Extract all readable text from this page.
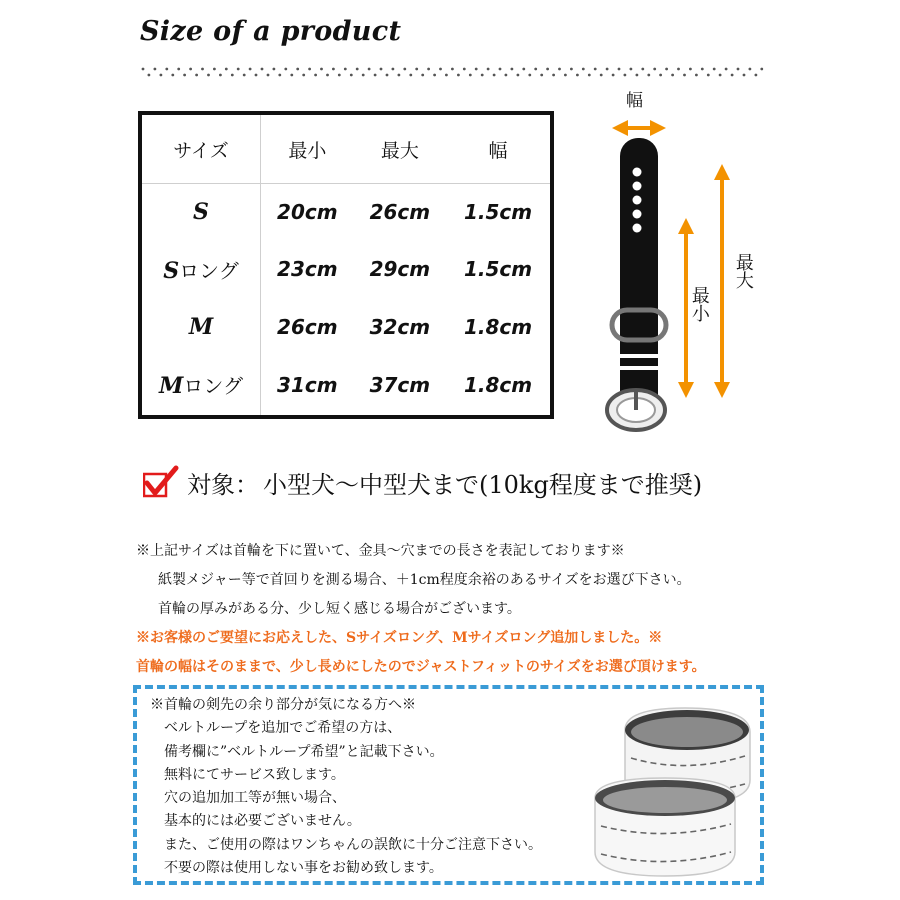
Size of a product
サイズ	最小	最大	幅
S	20cm	26cm	1.5cm
Sロング	23cm	29cm	1.5cm
M	26cm	32cm	1.8cm
Mロング	31cm	37cm	1.8cm
幅
最大
最小
対象： 小型犬～中型犬まで(10kg程度まで推奨)
※上記サイズは首輪を下に置いて、金具～穴までの長さを表記しております※
紙製メジャー等で首回りを測る場合、＋1cm程度余裕のあるサイズをお選び下さい。
首輪の厚みがある分、少し短く感じる場合がございます。
※お客様のご要望にお応えした、Sサイズロング、Mサイズロング追加しました。※
首輪の幅はそのままで、少し長めにしたのでジャストフィットのサイズをお選び頂けます。
※首輪の剣先の余り部分が気になる方へ※
ベルトループを追加でご希望の方は、
備考欄に”ベルトループ希望”と記載下さい。
無料にてサービス致します。
穴の追加加工等が無い場合、
基本的には必要ございません。
また、ご使用の際はワンちゃんの誤飲に十分ご注意下さい。
不要の際は使用しない事をお勧め致します。
